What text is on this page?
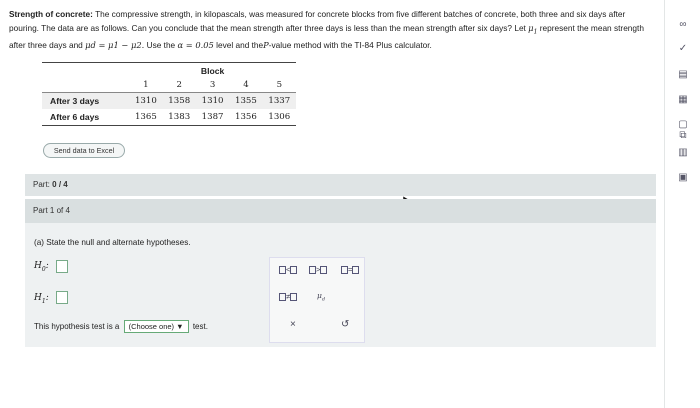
Strength of concrete: The compressive strength, in kilopascals, was measured for concrete blocks from five different batches of concrete, both three and six days after pouring. The data are as follows. Can you conclude that the mean strength after three days is less than the mean strength after six days? Let $\mu_1$ represent the mean strength after three days and μd = μ1 − μ2. Use the α = 0.05 level and theP-value method with the TI-84 Plus calculator.
	Block				
	1	2	3	4	5
After 3 days	1310	1358	1310	1355	1337
After 6 days	1365	1383	1387	1356	1306
Send data to Excel
Part: 0 / 4
Part 1 of 4
(a) State the null and alternate hypotheses.
$H_0$:
$H_1$:
This hypothesis test is a (Choose one) ▼ test.
<	>	=
≠	$\mu_d$
×	↺
∞
✓
▤
▦
▢
⧉
▥
▣
